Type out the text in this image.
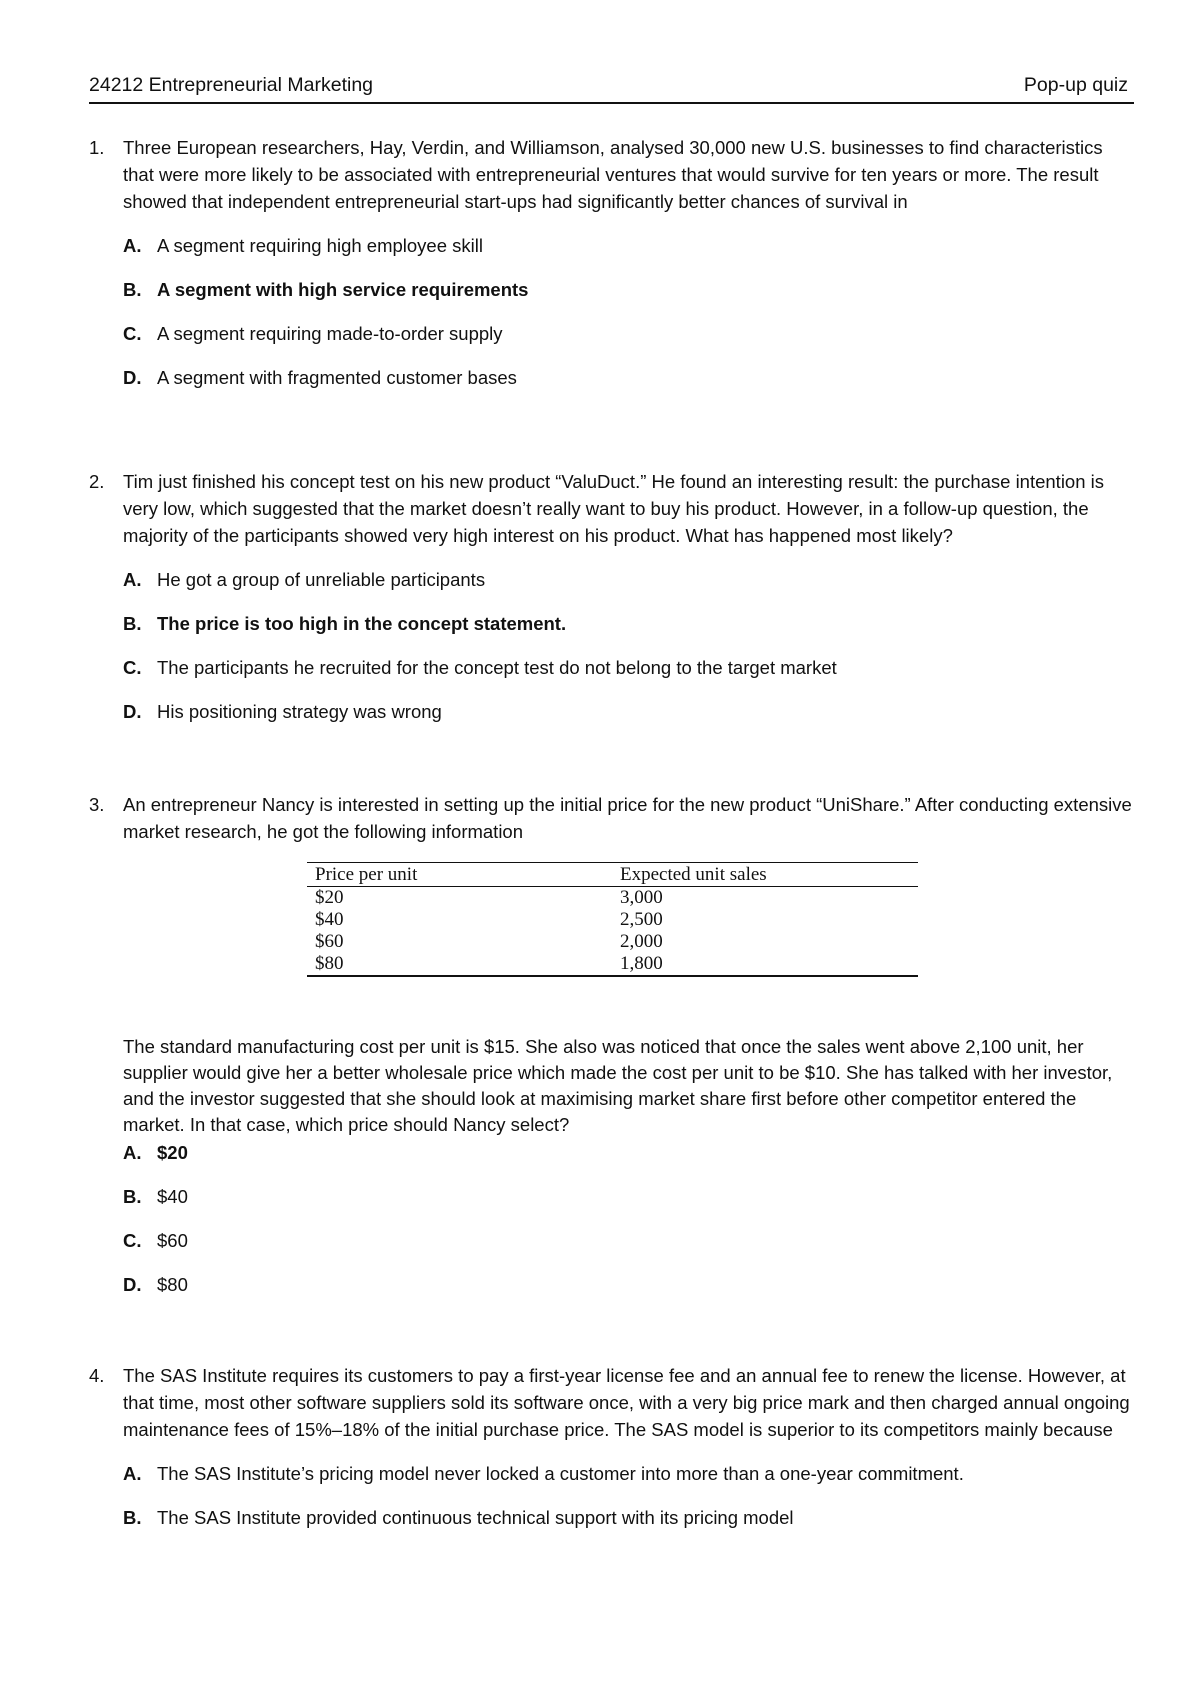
24212 Entrepreneurial Marketing	Pop-up quiz
1.	Three European researchers, Hay, Verdin, and Williamson, analysed 30,000 new U.S. businesses to find characteristics that were more likely to be associated with entrepreneurial ventures that would survive for ten years or more. The result showed that independent entrepreneurial start-ups had significantly better chances of survival in
A. A segment requiring high employee skill
B. A segment with high service requirements
C. A segment requiring made-to-order supply
D. A segment with fragmented customer bases
2.	Tim just finished his concept test on his new product “ValuDuct.” He found an interesting result: the purchase intention is very low, which suggested that the market doesn’t really want to buy his product. However, in a follow-up question, the majority of the participants showed very high interest on his product. What has happened most likely?
A. He got a group of unreliable participants
B. The price is too high in the concept statement.
C. The participants he recruited for the concept test do not belong to the target market
D. His positioning strategy was wrong
3.	An entrepreneur Nancy is interested in setting up the initial price for the new product “UniShare.” After conducting extensive market research, he got the following information
Price per unit	Expected unit sales
$20	3,000
$40	2,500
$60	2,000
$80	1,800
The standard manufacturing cost per unit is $15. She also was noticed that once the sales went above 2,100 unit, her supplier would give her a better wholesale price which made the cost per unit to be $10. She has talked with her investor, and the investor suggested that she should look at maximising market share first before other competitor entered the market. In that case, which price should Nancy select?
A. $20
B. $40
C. $60
D. $80
4.	The SAS Institute requires its customers to pay a first-year license fee and an annual fee to renew the license. However, at that time, most other software suppliers sold its software once, with a very big price mark and then charged annual ongoing maintenance fees of 15%–18% of the initial purchase price. The SAS model is superior to its competitors mainly because
A. The SAS Institute’s pricing model never locked a customer into more than a one-year commitment.
B. The SAS Institute provided continuous technical support with its pricing model
